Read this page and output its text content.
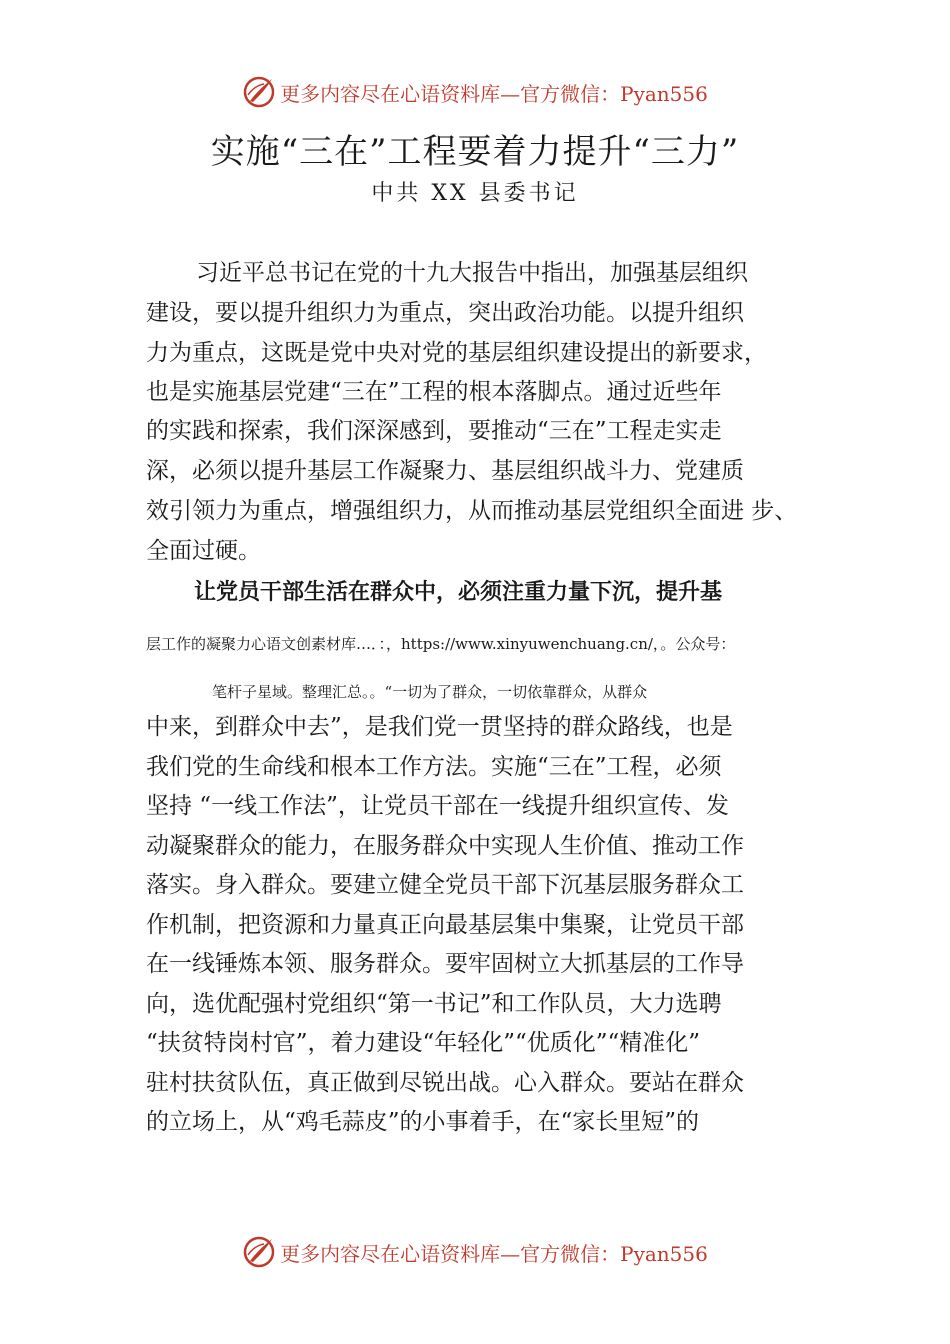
更多内容尽在心语资料库—官方微信：Pyan556
实施“三在”工程要着力提升“三力”
中共 XX 县委书记
习近平总书记在党的十九大报告中指出，加强基层组织
建设，要以提升组织力为重点，突出政治功能。以提升组织
力为重点，这既是党中央对党的基层组织建设提出的新要求，
也是实施基层党建“三在”工程的根本落脚点。通过近些年
的实践和探索，我们深深感到，要推动“三在”工程走实走
深，必须以提升基层工作凝聚力、基层组织战斗力、党建质
效引领力为重点，增强组织力，从而推动基层党组织全面进 步、
全面过硬。
让党员干部生活在群众中，必须注重力量下沉，提升基
层工作的凝聚力心语文创素材库…．：，https://www.xinyuwenchuang.cn/，。公众号：
笔杆子星域。整理汇总。。“一切为了群众，一切依靠群众，从群众
中来，到群众中去”，是我们党一贯坚持的群众路线，也是
我们党的生命线和根本工作方法。实施“三在”工程，必须
坚持 “一线工作法”，让党员干部在一线提升组织宣传、发
动凝聚群众的能力，在服务群众中实现人生价值、推动工作
落实。身入群众。要建立健全党员干部下沉基层服务群众工
作机制，把资源和力量真正向最基层集中集聚，让党员干部
在一线锤炼本领、服务群众。要牢固树立大抓基层的工作导
向，选优配强村党组织“第一书记”和工作队员，大力选聘
“扶贫特岗村官”，着力建设“年轻化”“优质化”“精准化”
驻村扶贫队伍，真正做到尽锐出战。心入群众。要站在群众
的立场上，从“鸡毛蒜皮”的小事着手，在“家长里短”的
更多内容尽在心语资料库—官方微信：Pyan556
